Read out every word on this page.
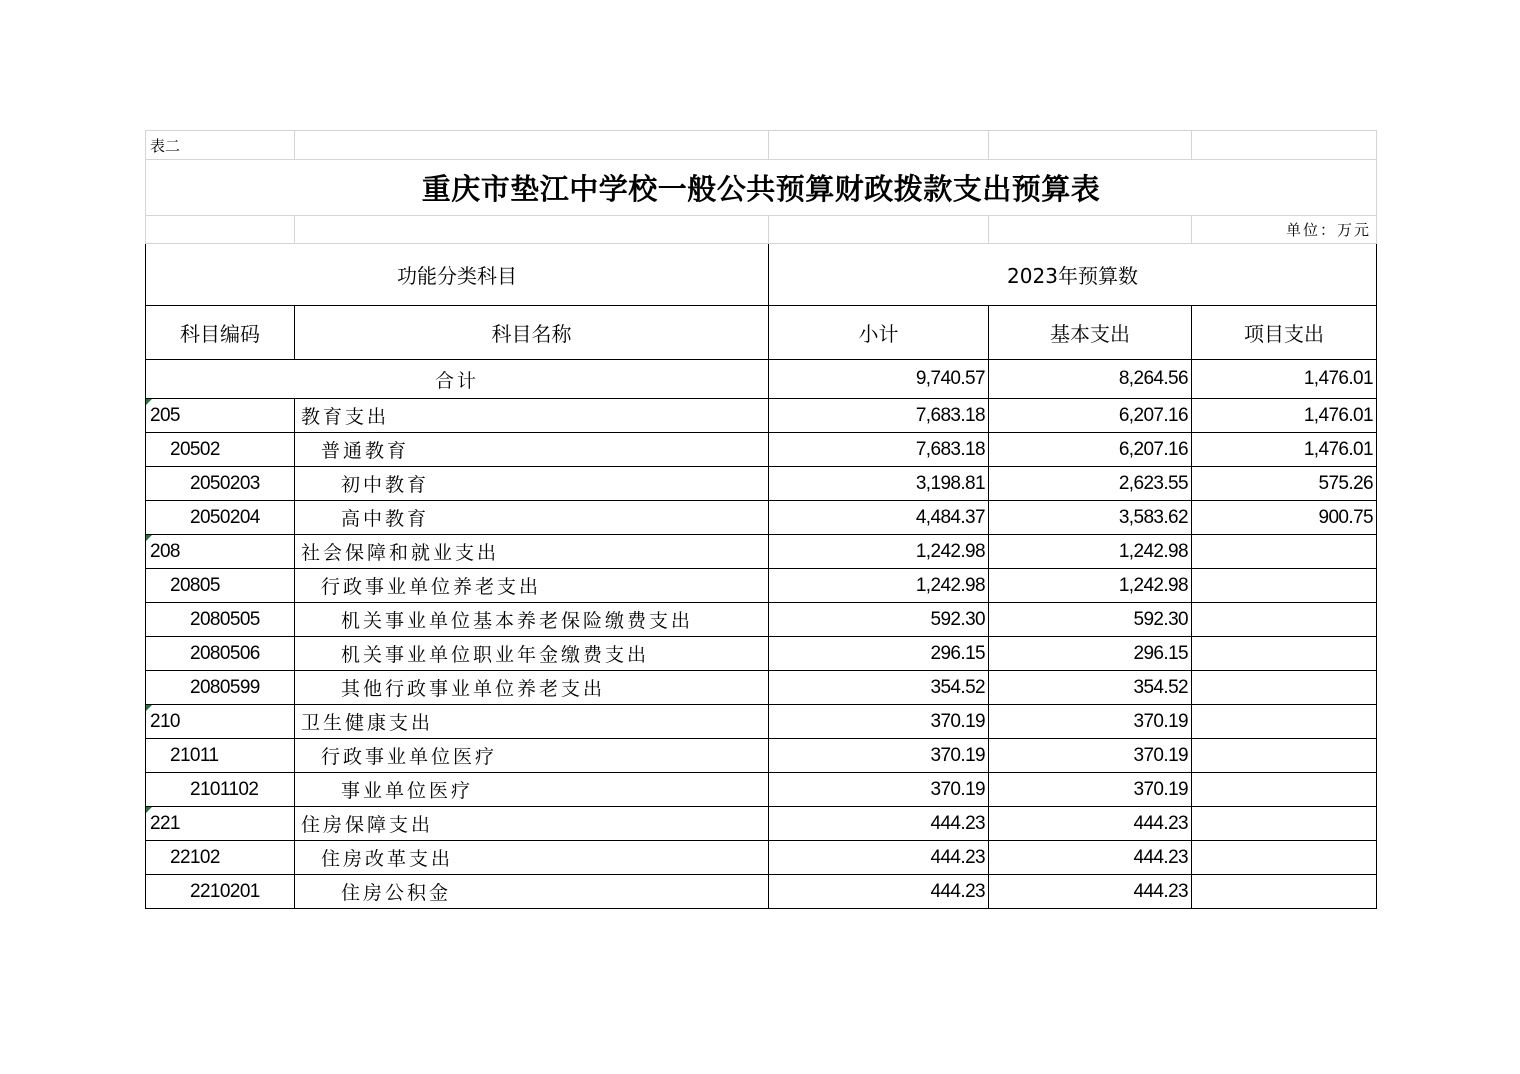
表二				
重庆市垫江中学校一般公共预算财政拨款支出预算表				
				单位：万元
功能分类科目		2023年预算数		
科目编码	科目名称	小计	基本支出	项目支出
合计		9,740.57	8,264.56	1,476.01

205	教育支出	7,683.18	6,207.16	1,476.01
20502	普通教育	7,683.18	6,207.16	1,476.01
2050203	初中教育	3,198.81	2,623.55	575.26
2050204	高中教育	4,484.37	3,583.62	900.75

208	社会保障和就业支出	1,242.98	1,242.98	
20805	行政事业单位养老支出	1,242.98	1,242.98	
2080505	机关事业单位基本养老保险缴费支出	592.30	592.30	
2080506	机关事业单位职业年金缴费支出	296.15	296.15	
2080599	其他行政事业单位养老支出	354.52	354.52	

210	卫生健康支出	370.19	370.19	
21011	行政事业单位医疗	370.19	370.19	
2101102	事业单位医疗	370.19	370.19	

221	住房保障支出	444.23	444.23	
22102	住房改革支出	444.23	444.23	
2210201	住房公积金	444.23	444.23	
